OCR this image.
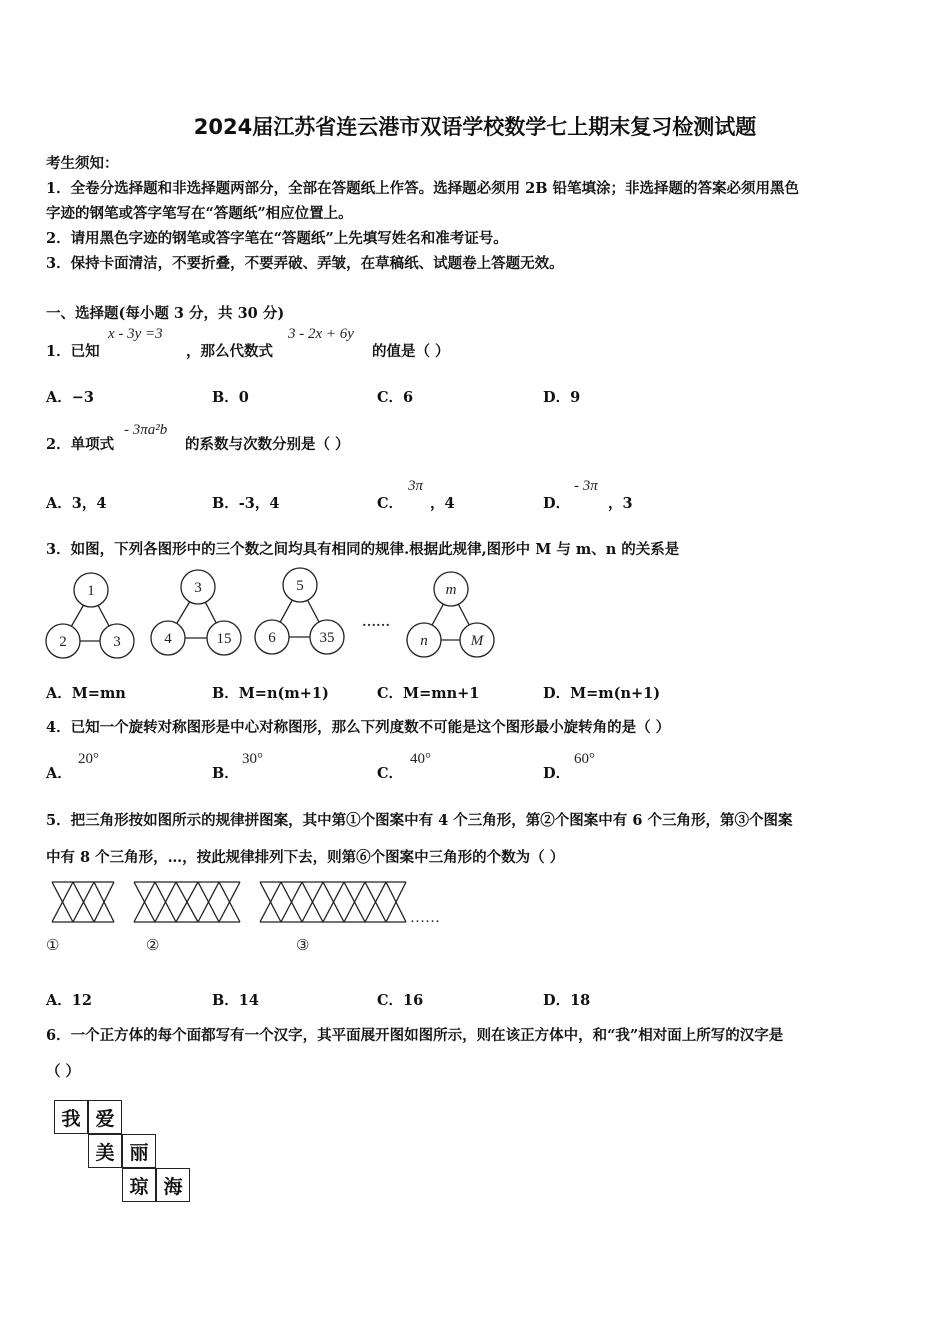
2024届江苏省连云港市双语学校数学七上期末复习检测试题
考生须知：
1．全卷分选择题和非选择题两部分，全部在答题纸上作答。选择题必须用 2B 铅笔填涂；非选择题的答案必须用黑色
字迹的钢笔或答字笔写在“答题纸”相应位置上。
2．请用黑色字迹的钢笔或答字笔在“答题纸”上先填写姓名和准考证号。
3．保持卡面清洁，不要折叠，不要弄破、弄皱，在草稿纸、试题卷上答题无效。
一、选择题(每小题 3 分，共 30 分)
1．已知
x - 3y =3
，那么代数式
3 - 2x + 6y
的值是（ ）
A．−3	B．0	C．6	D．9
2．单项式
- 3πa²b
的系数与次数分别是（ ）
A．3，4	B．-3，4	C．
3π
，4	D．
- 3π
，3
3．如图，下列各图形中的三个数之间均具有相同的规律.根据此规律,图形中 M 与 m、n 的关系是
1
2	3
3
4	15
5
6	35
m
n	M
……
A．M=mn	B．M=n(m+1)	C．M=mn+1	D．M=m(n+1)
4．已知一个旋转对称图形是中心对称图形，那么下列度数不可能是这个图形最小旋转角的是（ ）
A．
20°
B．
30°
C．
40°
D．
60°
5．把三角形按如图所示的规律拼图案，其中第①个图案中有 4 个三角形，第②个图案中有 6 个三角形，第③个图案
中有 8 个三角形，…，按此规律排列下去，则第⑥个图案中三角形的个数为（ ）
……
①	②	③
A．12	B．14	C．16	D．18
6．一个正方体的每个面都写有一个汉字，其平面展开图如图所示，则在该正方体中，和“我”相对面上所写的汉字是
（ ）
我 爱
美 丽
琼 海
